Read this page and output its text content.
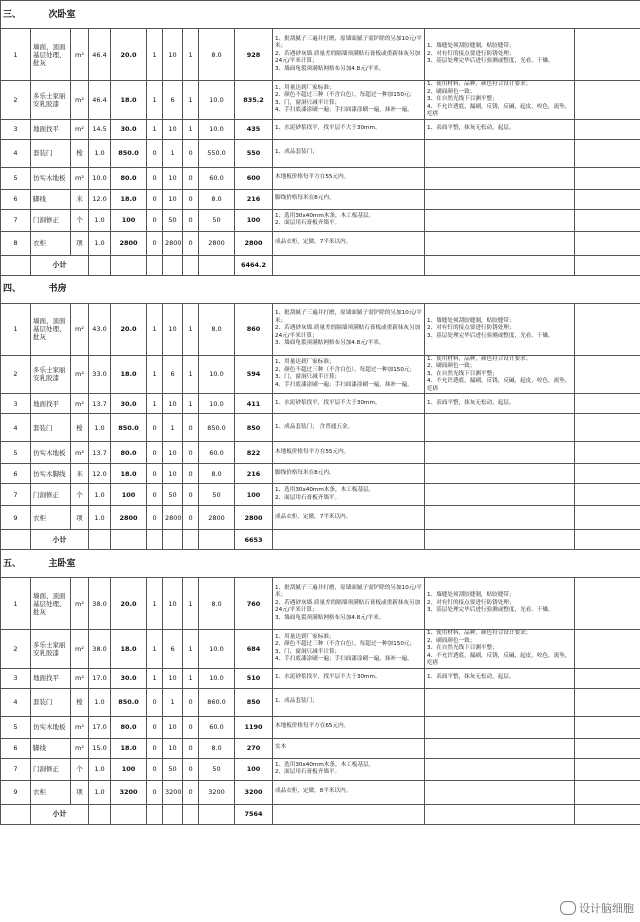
三、	次卧室											
1	墙面、顶面基层处理、批灰	m²	46.4	20.0	1	10	1	8.0	928	1、批刮腻子三遍并打磨，原墙面腻子需铲除的另加10元/平米；
2、若遇砂灰墙.质量差的隔墙须满贴石膏板或重新抹灰另加24元/平米计算；
3、墙面龟裂须满贴网格布另加4.8元/平米。	1、墙缝处须刮胶缝制，贴胶缝带；
2、对有钉的接点要进行防锈处理；
3、基层处理完毕后进行验测或整度，光看、干燥。	
2	多乐士家丽安乳胶漆	m²	46.4	18.0	1	6	1	10.0	835.2	1、用量达到厂家标准；
2、颜色不超过三种（不含白色），每超过一种加150元；
3、门，窗洞只减半计算；
4、手扫底漆涂刷一遍；手扫面漆涂刷一遍，抹补一遍。	1、使用材料，品种，颜色符合设计要求；
2、刷面颜色一致；
3、在自然光线下目测平整；
4、不允许透底，漏刷，反锈，反碱，起皮，咬色，流坠，疙瘩	
3	地面找平	m²	14.5	30.0	1	10	1	10.0	435	1、水泥砂浆找平，找平层不大于30mm。	1、表面平整，抹灰无松动，起层。	
4	套装门	樘	1.0	850.0	0	1	0	550.0	550	1、成品套装门；		
5	仿实木地板	m²	10.0	80.0	0	10	0	60.0	600	木地板价格每平方在55元内。		
6	脚线	米	12.0	18.0	0	10	0	8.0	216	脚线价格每米在8元内。		
7	门洞修正	个	1.0	100	0	50	0	50	100	1、选用30x40mm木条，木工板基层。
2、面层用石膏板齐墙平。		
8	衣柜	项	1.0	2800	0	2800	0	2800	2800	成品衣柜，定做。7平米以内。		
	小计								6464.2			
四、	书房											
1	墙面、顶面基层处理、批灰	m²	43.0	20.0	1	10	1	8.0	860	1、批刮腻子三遍并打磨，原墙面腻子需铲除的另加10元/平米；
2、若遇砂灰墙.质量差的隔墙须满贴石膏板或重新抹灰另加24元/平米计算；
3、墙面龟裂须满贴网格布另加4.8元/平米。	1、墙缝处须刮胶缝制，贴胶缝带；
2、对有钉的接点要进行防锈处理；
3、基层处理完毕后进行验测或整度，光看、干燥。	
2	多乐士家丽安乳胶漆	m²	33.0	18.0	1	6	1	10.0	594	1、用量达到厂家标准；
2、颜色不超过三种（不含白色），每超过一种加150元；
3、门，窗洞只减半计算；
4、手扫底漆涂刷一遍；手扫面漆涂刷一遍，抹补一遍。	1、使用材料，品种，颜色符合设计要求；
2、刷面颜色一致；
3、在自然光线下目测平整；
4、不允许透底，漏刷，反锈，反碱，起皮，咬色，流坠，疙瘩	
3	地面找平	m²	13.7	30.0	1	10	1	10.0	411	1、水泥砂浆找平，找平层不大于30mm。	1、表面平整，抹灰无松动，起层。	
4	套装门	樘	1.0	850.0	0	1	0	850.0	850	1、成品套装门； 含普通五金。		
5	仿实木地板	m²	13.7	80.0	0	10	0	60.0	822	木地板价格每平方在55元内。		
6	仿实木脚线	米	12.0	18.0	0	10	0	8.0	216	脚线价格每米在8元内。		
7	门洞修正	个	1.0	100	0	50	0	50	100	1、选用30x40mm木条，木工板基层。
2、面层用石膏板齐墙平。		
9	衣柜	项	1.0	2800	0	2800	0	2800	2800	成品衣柜，定做。7平米以内。		
	小计								6653			
五、	主卧室											
1	墙面、顶面基层处理、批灰	m²	38.0	20.0	1	10	1	8.0	760	1、批刮腻子三遍并打磨，原墙面腻子需铲除的另加10元/平米；
2、若遇砂灰墙.质量差的隔墙须满贴石膏板或重新抹灰另加24元/平米计算；
3、墙面龟裂须满贴网格布另加4.8元/平米。	1、墙缝处须刮胶缝制，贴胶缝带；
2、对有钉的接点要进行防锈处理；
3、基层处理完毕后进行验测或整度，光看、干燥。	
2	多乐士家丽安乳胶漆	m²	38.0	18.0	1	6	1	10.0	684	1、用量达到厂家标准；
2、颜色不超过三种（不含白色），每超过一种加150元；
3、门，窗洞只减半计算；
4、手扫底漆涂刷一遍；手扫面漆涂刷一遍，抹补一遍。	1、使用材料，品种，颜色符合设计要求；
2、刷面颜色一致；
3、在自然光线下目测平整；
4、不允许透底，漏刷，反锈，反碱，起皮，咬色，流坠，疙瘩	
3	地面找平	m²	17.0	30.0	1	10	1	10.0	510	1、水泥砂浆找平，找平层不大于30mm。	1、表面平整，抹灰无松动，起层。	
4	套装门	樘	1.0	850.0	0	1	0	860.0	850	1、成品套装门；		
5	仿实木地板	m²	17.0	80.0	0	10	0	60.0	1190	木地板价格每平方在65元内。		
6	脚线	m²	15.0	18.0	0	10	0	8.0	270	实木		
7	门洞修正	个	1.0	100	0	50	0	50	100	1、选用30x40mm木条，木工板基层。
2、面层用石膏板齐墙平。		
9	衣柜	项	1.0	3200	0	3200	0	3200	3200	成品衣柜，定做。8平米以内。		
	小计								7564			
设计脑细胞
